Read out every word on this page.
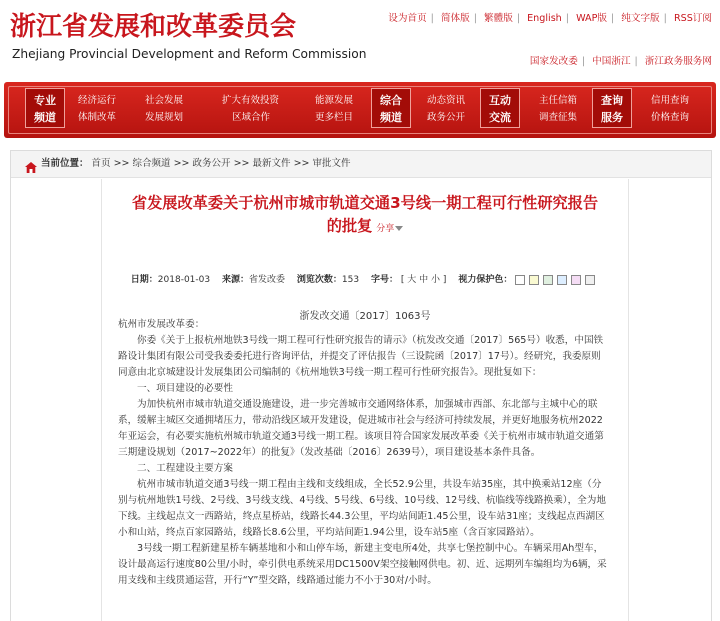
浙江省发展和改革委员会
Zhejiang Provincial Development and Reform Commission
设为首页 | 简体版 | 繁體版 | English | WAP版 | 纯文字版 | RSS订阅
国家发改委 | 中国浙江 | 浙江政务服务网
专业
频道
经济运行
体制改革
社会发展
发展规划
扩大有效投资
区域合作
能源发展
更多栏目
综合
频道
动态资讯
政务公开
互动
交流
主任信箱
调查征集
查询
服务
信用查询
价格查询
当前位置： 首页 >> 综合频道 >> 政务公开 >> 最新文件 >> 审批文件
省发展改革委关于杭州市城市轨道交通3号线一期工程可行性研究报告
的批复 分享
日期：2018-01-03 来源：省发改委 浏览次数：153 字号： [ 大 中 小 ] 视力保护色：
浙发改交通〔2017〕1063号

杭州市发展改革委：

你委《关于上报杭州地铁3号线一期工程可行性研究报告的请示》（杭发改交通〔2017〕565号）收悉，中国铁路设计集团有限公司受我委委托进行咨询评估，并提交了评估报告（三设院函〔2017〕17号）。经研究，我委原则同意由北京城建设计发展集团公司编制的《杭州地铁3号线一期工程可行性研究报告》。现批复如下：

一、项目建设的必要性

为加快杭州市城市轨道交通设施建设，进一步完善城市交通网络体系，加强城市西部、东北部与主城中心的联系，缓解主城区交通拥堵压力，带动沿线区域开发建设，促进城市社会与经济可持续发展，并更好地服务杭州2022年亚运会，有必要实施杭州城市轨道交通3号线一期工程。该项目符合国家发展改革委《关于杭州市城市轨道交通第三期建设规划（2017~2022年）的批复》（发改基础〔2016〕2639号），项目建设基本条件具备。

二、工程建设主要方案

杭州市城市轨道交通3号线一期工程由主线和支线组成，全长52.9公里，共设车站35座，其中换乘站12座（分别与杭州地铁1号线、2号线、3号线支线、4号线、5号线、6号线、10号线、12号线、杭临线等线路换乘），全为地下线。主线起点文一西路站，终点星桥站，线路长44.3公里，平均站间距1.45公里，设车站31座；支线起点西湖区小和山站，终点百家园路站，线路长8.6公里，平均站间距1.94公里，设车站5座（含百家园路站）。

3号线一期工程新建星桥车辆基地和小和山停车场，新建主变电所4处，共享七堡控制中心。车辆采用Ah型车，设计最高运行速度80公里/小时，牵引供电系统采用DC1500V架空接触网供电。初、近、远期列车编组均为6辆，采用支线和主线贯通运营，开行“Y”型交路，线路通过能力不小于30对/小时。
